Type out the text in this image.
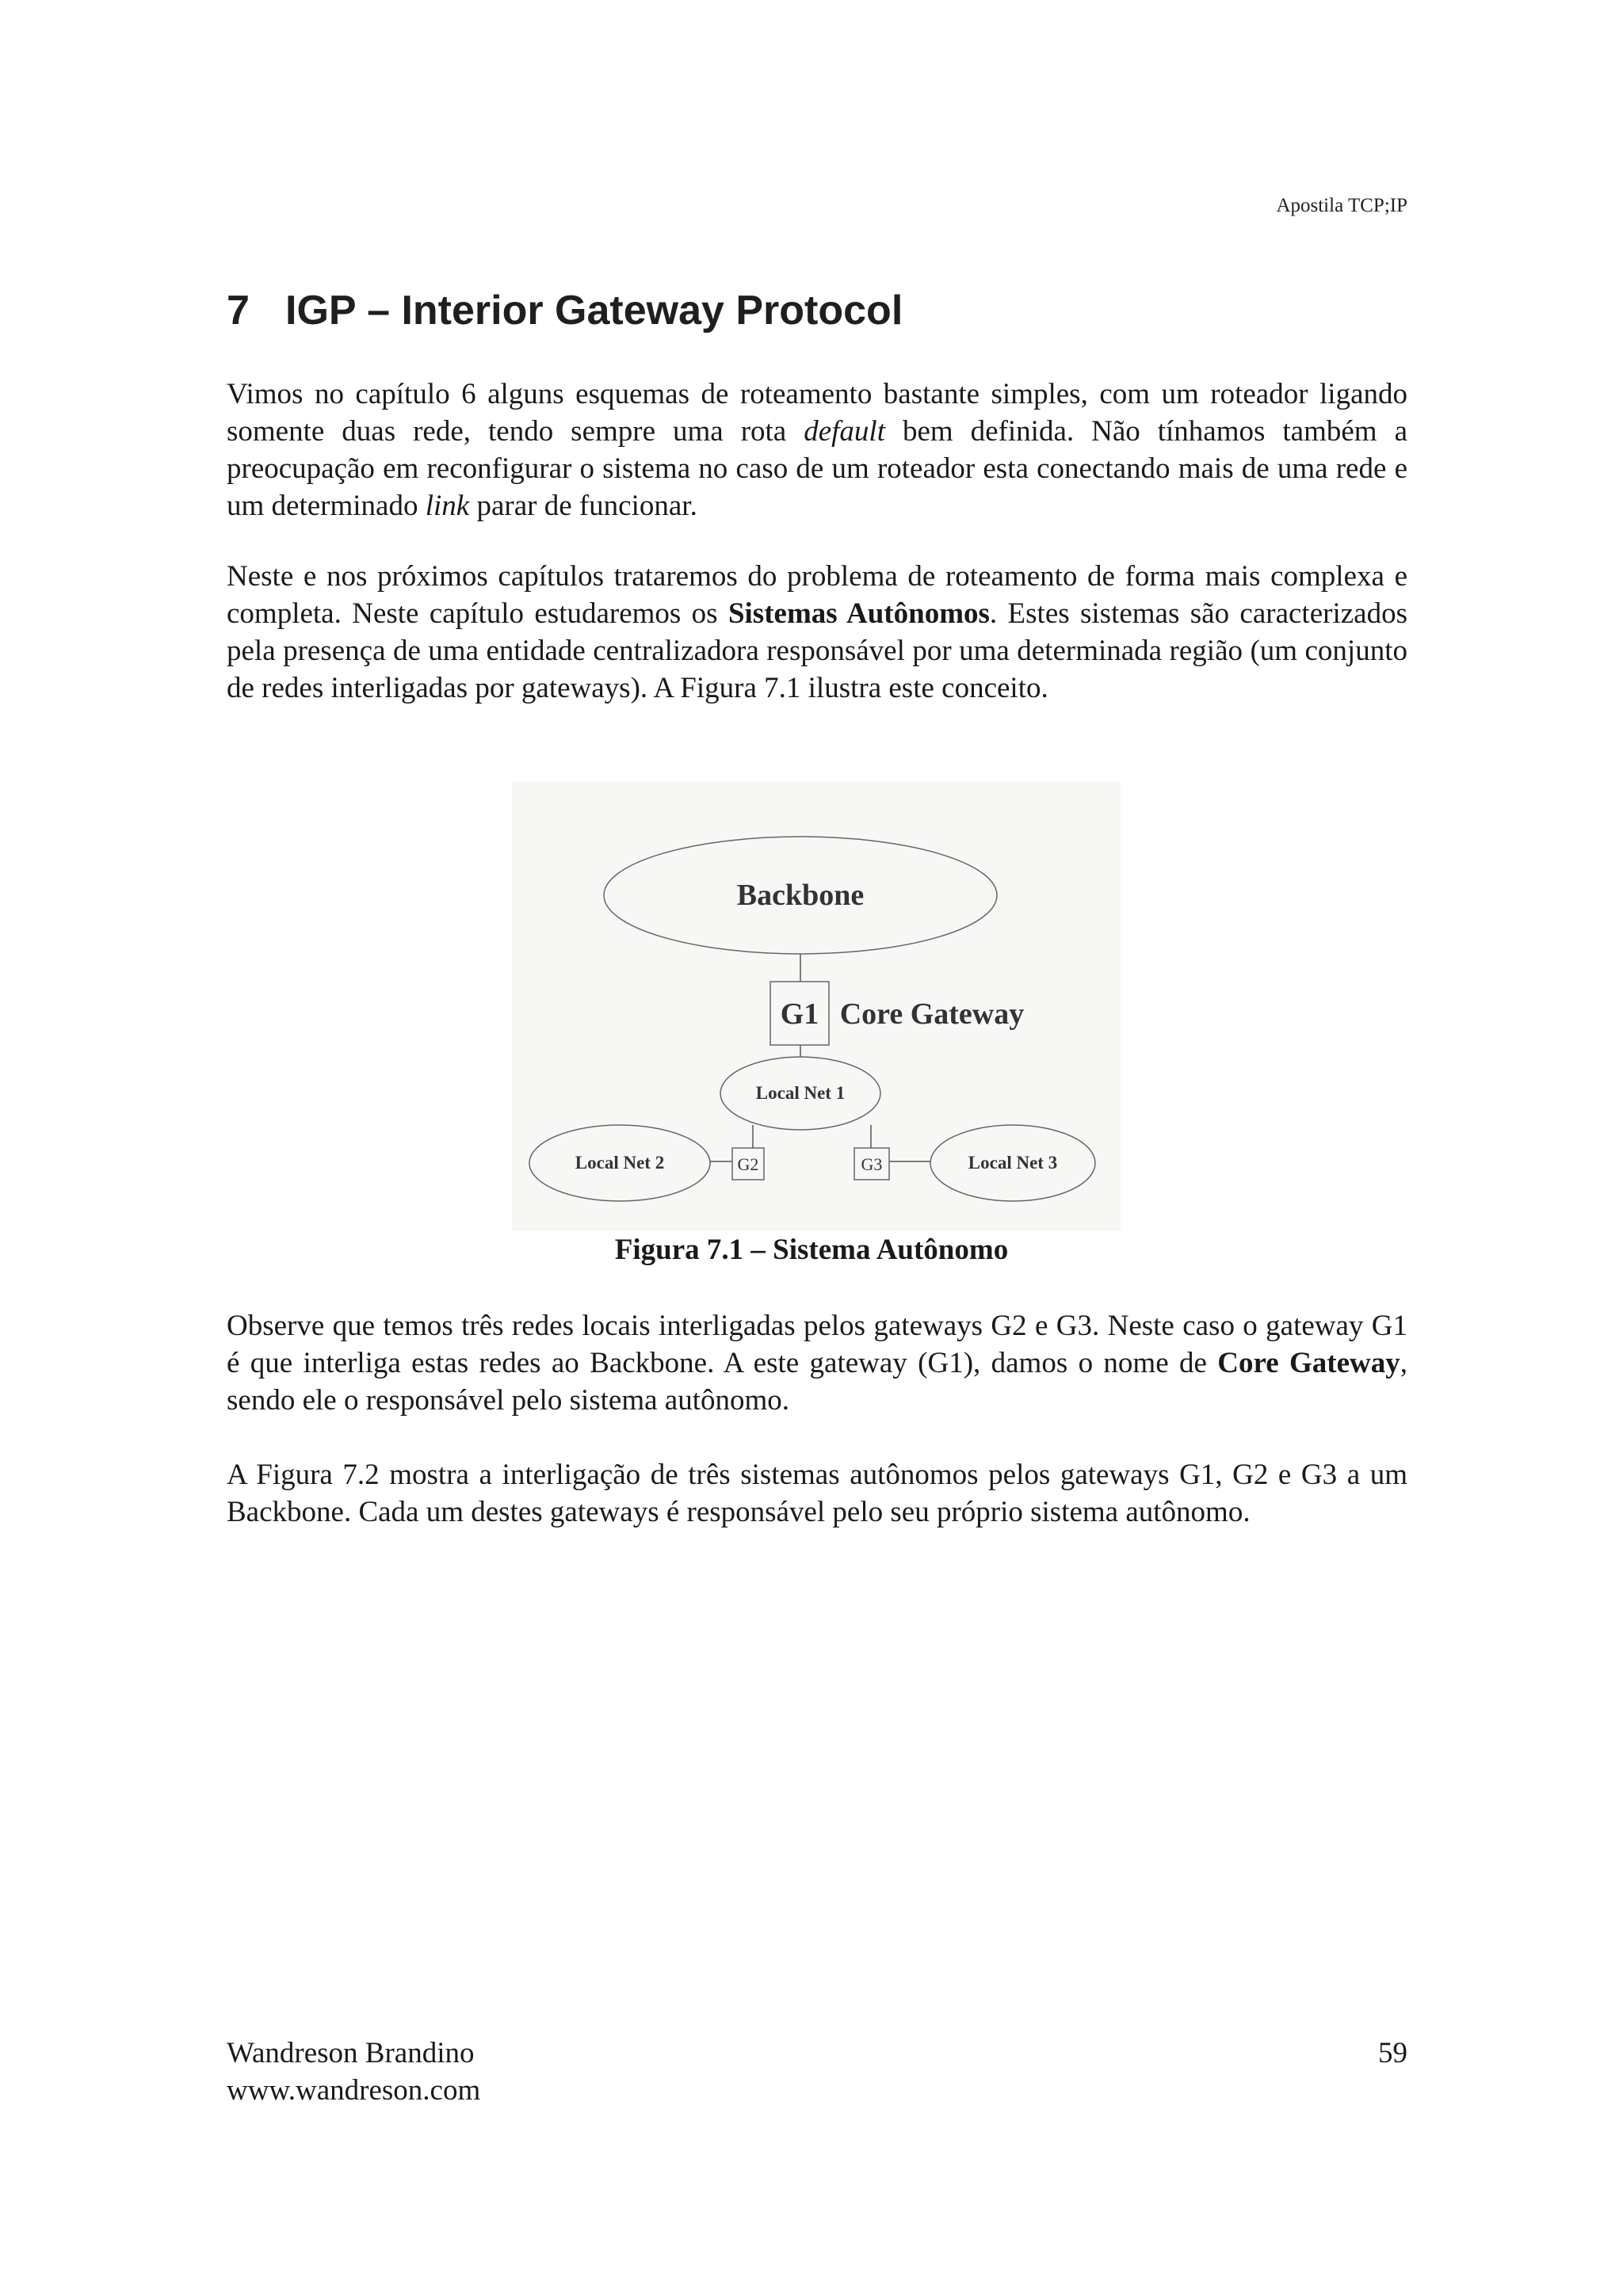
Apostila TCP;IP
7 IGP – Interior Gateway Protocol

Vimos no capítulo 6 alguns esquemas de roteamento bastante simples, com um roteador ligando somente duas rede, tendo sempre uma rota default bem definida. Não tínhamos também a preocupação em reconfigurar o sistema no caso de um roteador esta conectando mais de uma rede e um determinado link parar de funcionar.

Neste e nos próximos capítulos trataremos do problema de roteamento de forma mais complexa e completa. Neste capítulo estudaremos os Sistemas Autônomos. Estes sistemas são caracterizados pela presença de uma entidade centralizadora responsável por uma determinada região (um conjunto de redes interligadas por gateways). A Figura 7.1 ilustra este conceito.

Backbone
G1 Core Gateway
Local Net 1
Local Net 2	Local Net 3
G2	G3
Figura 7.1 – Sistema Autônomo

Observe que temos três redes locais interligadas pelos gateways G2 e G3. Neste caso o gateway G1 é que interliga estas redes ao Backbone. A este gateway (G1), damos o nome de Core Gateway, sendo ele o responsável pelo sistema autônomo.

A Figura 7.2 mostra a interligação de três sistemas autônomos pelos gateways G1, G2 e G3 a um Backbone. Cada um destes gateways é responsável pelo seu próprio sistema autônomo.

Wandreson Brandino
www.wandreson.com
59
